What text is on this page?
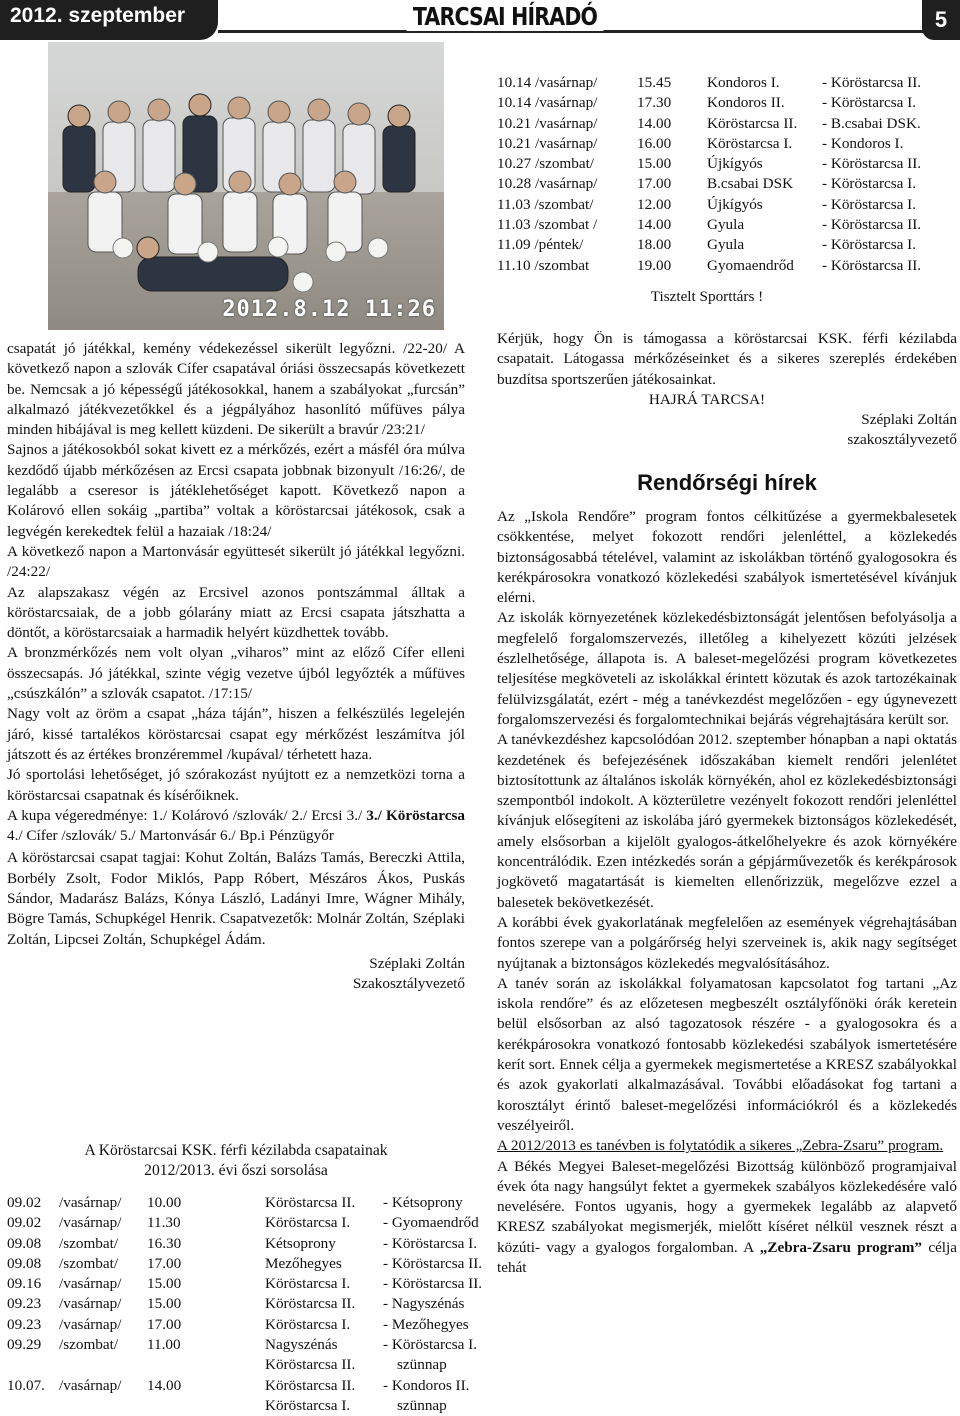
2012. szeptember	TARCSAI HÍRADÓ	5
2012.8.12 11:26

csapatát jó játékkal, kemény védekezéssel sikerült legyőzni. /22-20/ A következő napon a szlovák Cífer csapatával óriási összecsapás következett be. Nemcsak a jó képességű játékosokkal, hanem a szabályokat „furcsán” alkalmazó játékvezetőkkel és a jégpályához hasonlító műfüves pálya minden hibájával is meg kellett küzdeni. De sikerült a bravúr /23:21/

Sajnos a játékosokból sokat kivett ez a mérkőzés, ezért a másfél óra múlva kezdődő újabb mérkőzésen az Ercsi csapata jobbnak bizonyult /16:26/, de legalább a cseresor is játéklehetőséget kapott. Következő napon a Kolárovó ellen sokáig „partiba” voltak a köröstarcsai játékosok, csak a legvégén kerekedtek felül a hazaiak /18:24/

A következő napon a Martonvásár együttesét sikerült jó játékkal legyőzni. /24:22/

Az alapszakasz végén az Ercsivel azonos pontszámmal álltak a köröstarcsaiak, de a jobb gólarány miatt az Ercsi csapata játszhatta a döntőt, a köröstarcsaiak a harmadik helyért küzdhettek tovább.

A bronzmérkőzés nem volt olyan „viharos” mint az előző Cífer elleni összecsapás. Jó játékkal, szinte végig vezetve újból legyőzték a műfüves „csúszkálón” a szlovák csapatot. /17:15/

Nagy volt az öröm a csapat „háza táján”, hiszen a felkészülés legelején járó, kissé tartalékos köröstarcsai csapat egy mérkőzést leszámítva jól játszott és az értékes bronzéremmel /kupával/ térhetett haza.

Jó sportolási lehetőséget, jó szórakozást nyújtott ez a nemzetközi torna a köröstarcsai csapatnak és kísérőiknek.

A kupa végeredménye: 1./ Kolárovó /szlovák/ 2./ Ercsi 3./ 3./ Köröstarcsa 4./ Cífer /szlovák/ 5./ Martonvásár 6./ Bp.i Pénzügyőr

A köröstarcsai csapat tagjai: Kohut Zoltán, Balázs Tamás, Bereczki Attila, Borbély Zsolt, Fodor Miklós, Papp Róbert, Mészáros Ákos, Puskás Sándor, Madarász Balázs, Kónya László, Ladányi Imre, Wágner Mihály, Bögre Tamás, Schupkégel Henrik. Csapatvezetők: Molnár Zoltán, Széplaki Zoltán, Lipcsei Zoltán, Schupkégel Ádám.

Széplaki Zoltán
Szakosztályvezető
A Köröstarcsai KSK. férfi kézilabda csapatainak
2012/2013. évi őszi sorsolása
09.02	/vasárnap/	10.00	Köröstarcsa II.	- Kétsoprony
09.02	/vasárnap/	11.30	Köröstarcsa I.	- Gyomaendrőd
09.08	/szombat/	16.30	Kétsoprony	- Köröstarcsa I.
09.08	/szombat/	17.00	Mezőhegyes	- Köröstarcsa II.
09.16	/vasárnap/	15.00	Köröstarcsa I.	- Köröstarcsa II.
09.23	/vasárnap/	15.00	Köröstarcsa II.	- Nagyszénás
09.23	/vasárnap/	17.00	Köröstarcsa I.	- Mezőhegyes
09.29	/szombat/	11.00	Nagyszénás	- Köröstarcsa I.
			Köröstarcsa II.	szünnap
10.07.	/vasárnap/	14.00	Köröstarcsa II.	- Kondoros II.
			Köröstarcsa I.	szünnap
10.14 /vasárnap/	15.45	Kondoros I.	- Köröstarcsa II.
10.14 /vasárnap/	17.30	Kondoros II.	- Köröstarcsa I.
10.21 /vasárnap/	14.00	Köröstarcsa II.	- B.csabai DSK.
10.21 /vasárnap/	16.00	Köröstarcsa I.	- Kondoros I.
10.27 /szombat/	15.00	Újkígyós	- Köröstarcsa II.
10.28 /vasárnap/	17.00	B.csabai DSK	- Köröstarcsa I.
11.03 /szombat/	12.00	Újkígyós	- Köröstarcsa I.
11.03 /szombat /	14.00	Gyula	- Köröstarcsa II.
11.09 /péntek/	18.00	Gyula	- Köröstarcsa I.
11.10 /szombat	19.00	Gyomaendrőd	- Köröstarcsa II.
Tisztelt Sporttárs !

Kérjük, hogy Ön is támogassa a köröstarcsai KSK. férfi kézilabda csapatait. Látogassa mérkőzéseinket és a sikeres szereplés érdekében buzdítsa sportszerűen játékosainkat.

HAJRÁ TARCSA!

Széplaki Zoltán
szakosztályvezető
Rendőrségi hírek

Az „Iskola Rendőre” program fontos célkitűzése a gyermekbalesetek csökkentése, melyet fokozott rendőri jelenléttel, a közlekedés biztonságosabbá tételével, valamint az iskolákban történő gyalogosokra és kerékpárosokra vonatkozó közlekedési szabályok ismertetésével kívánjuk elérni.

Az iskolák környezetének közlekedésbiztonságát jelentősen befolyásolja a megfelelő forgalomszervezés, illetőleg a kihelyezett közúti jelzések észlelhetősége, állapota is. A baleset-megelőzési program következetes teljesítése megköveteli az iskolákkal érintett közutak és azok tartozékainak felülvizsgálatát, ezért - még a tanévkezdést megelőzően - egy úgynevezett forgalomszervezési és forgalomtechnikai bejárás végrehajtására került sor.

A tanévkezdéshez kapcsolódóan 2012. szeptember hónapban a napi oktatás kezdetének és befejezésének időszakában kiemelt rendőri jelenlétet biztosítottunk az általános iskolák környékén, ahol ez közlekedésbiztonsági szempontból indokolt. A közterületre vezényelt fokozott rendőri jelenléttel kívánjuk elősegíteni az iskolába járó gyermekek biztonságos közlekedését, amely elsősorban a kijelölt gyalogos-átkelőhelyekre és azok környékére koncentrálódik. Ezen intézkedés során a gépjárművezetők és kerékpárosok jogkövető magatartását is kiemelten ellenőrizzük, megelőzve ezzel a balesetek bekövetkezését.

A korábbi évek gyakorlatának megfelelően az események végrehajtásában fontos szerepe van a polgárőrség helyi szerveinek is, akik nagy segítséget nyújtanak a biztonságos közlekedés megvalósításához.

A tanév során az iskolákkal folyamatosan kapcsolatot fog tartani „Az iskola rendőre” és az előzetesen megbeszélt osztályfőnöki órák keretein belül elsősorban az alsó tagozatosok részére - a gyalogosokra és a kerékpárosokra vonatkozó fontosabb közlekedési szabályok ismertetésére kerít sort. Ennek célja a gyermekek megismertetése a KRESZ szabályokkal és azok gyakorlati alkalmazásával. További előadásokat fog tartani a korosztályt érintő baleset-megelőzési információkról és a közlekedés veszélyeiről.

A 2012/2013 es tanévben is folytatódik a sikeres „Zebra-Zsaru” program.

A Békés Megyei Baleset-megelőzési Bizottság különböző programjaival évek óta nagy hangsúlyt fektet a gyermekek szabályos közlekedésére való nevelésére. Fontos ugyanis, hogy a gyermekek legalább az alapvető KRESZ szabályokat megismerjék, mielőtt kíséret nélkül vesznek részt a közúti- vagy a gyalogos forgalomban. A „Zebra-Zsaru program” célja tehát
